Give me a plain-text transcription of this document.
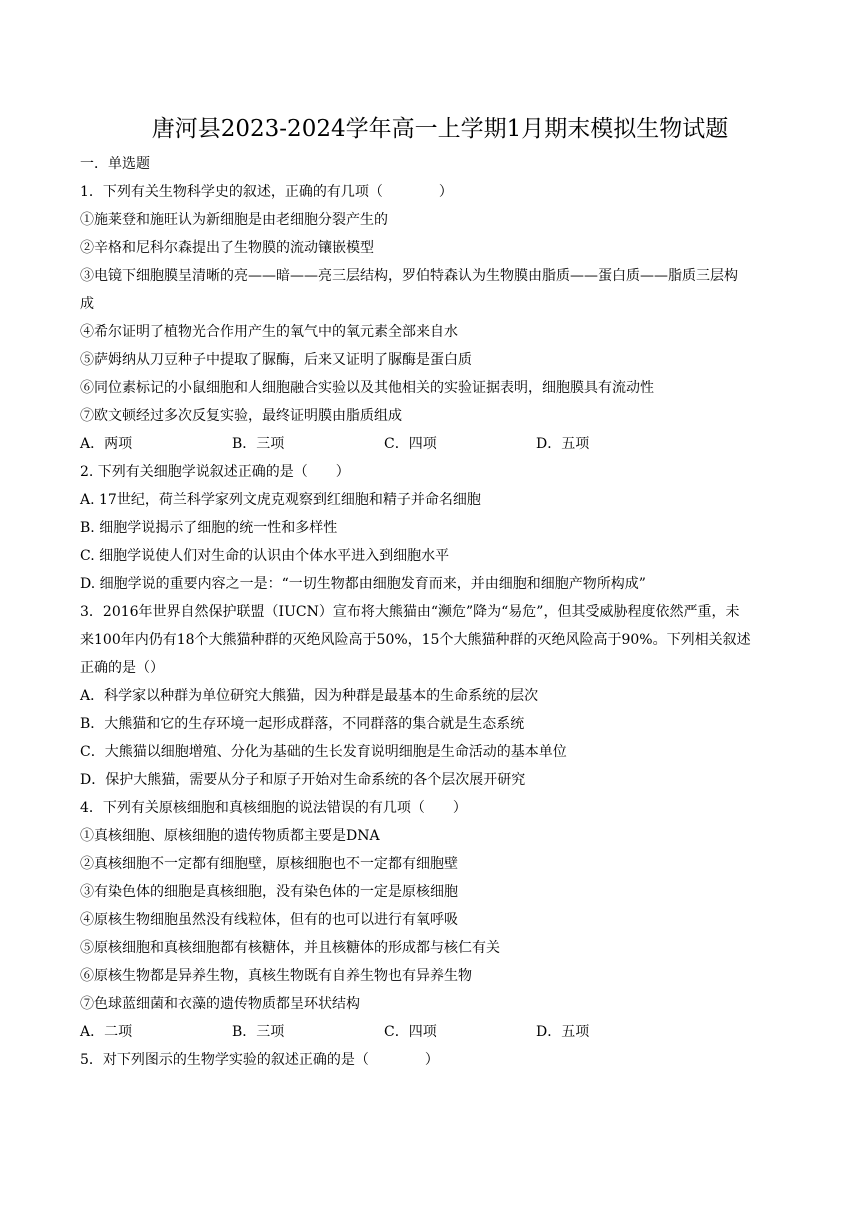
唐河县2023-2024学年高一上学期1月期末模拟生物试题
一．单选题
1．下列有关生物科学史的叙述，正确的有几项（　　　　）
①施莱登和施旺认为新细胞是由老细胞分裂产生的
②辛格和尼科尔森提出了生物膜的流动镶嵌模型
③电镜下细胞膜呈清晰的亮——暗——亮三层结构，罗伯特森认为生物膜由脂质——蛋白质——脂质三层构
成
④希尔证明了植物光合作用产生的氧气中的氧元素全部来自水
⑤萨姆纳从刀豆种子中提取了脲酶，后来又证明了脲酶是蛋白质
⑥同位素标记的小鼠细胞和人细胞融合实验以及其他相关的实验证据表明，细胞膜具有流动性
⑦欧文顿经过多次反复实验，最终证明膜由脂质组成
A．两项	B．三项	C．四项	D．五项
2. 下列有关细胞学说叙述正确的是（　　）
A. 17世纪，荷兰科学家列文虎克观察到红细胞和精子并命名细胞
B. 细胞学说揭示了细胞的统一性和多样性
C. 细胞学说使人们对生命的认识由个体水平进入到细胞水平
D. 细胞学说的重要内容之一是：“一切生物都由细胞发育而来，并由细胞和细胞产物所构成”
3．2016年世界自然保护联盟（IUCN）宣布将大熊猫由“濒危”降为“易危”，但其受威胁程度依然严重，未
来100年内仍有18个大熊猫种群的灭绝风险高于50%，15个大熊猫种群的灭绝风险高于90%。下列相关叙述
正确的是（）
A．科学家以种群为单位研究大熊猫，因为种群是最基本的生命系统的层次
B．大熊猫和它的生存环境一起形成群落，不同群落的集合就是生态系统
C．大熊猫以细胞增殖、分化为基础的生长发育说明细胞是生命活动的基本单位
D．保护大熊猫，需要从分子和原子开始对生命系统的各个层次展开研究
4．下列有关原核细胞和真核细胞的说法错误的有几项（　　）
①真核细胞、原核细胞的遗传物质都主要是DNA
②真核细胞不一定都有细胞壁，原核细胞也不一定都有细胞壁
③有染色体的细胞是真核细胞，没有染色体的一定是原核细胞
④原核生物细胞虽然没有线粒体，但有的也可以进行有氧呼吸
⑤原核细胞和真核细胞都有核糖体，并且核糖体的形成都与核仁有关
⑥原核生物都是异养生物，真核生物既有自养生物也有异养生物
⑦色球蓝细菌和衣藻的遗传物质都呈环状结构
A．二项	B．三项	C．四项	D．五项
5．对下列图示的生物学实验的叙述正确的是（　　　　）
